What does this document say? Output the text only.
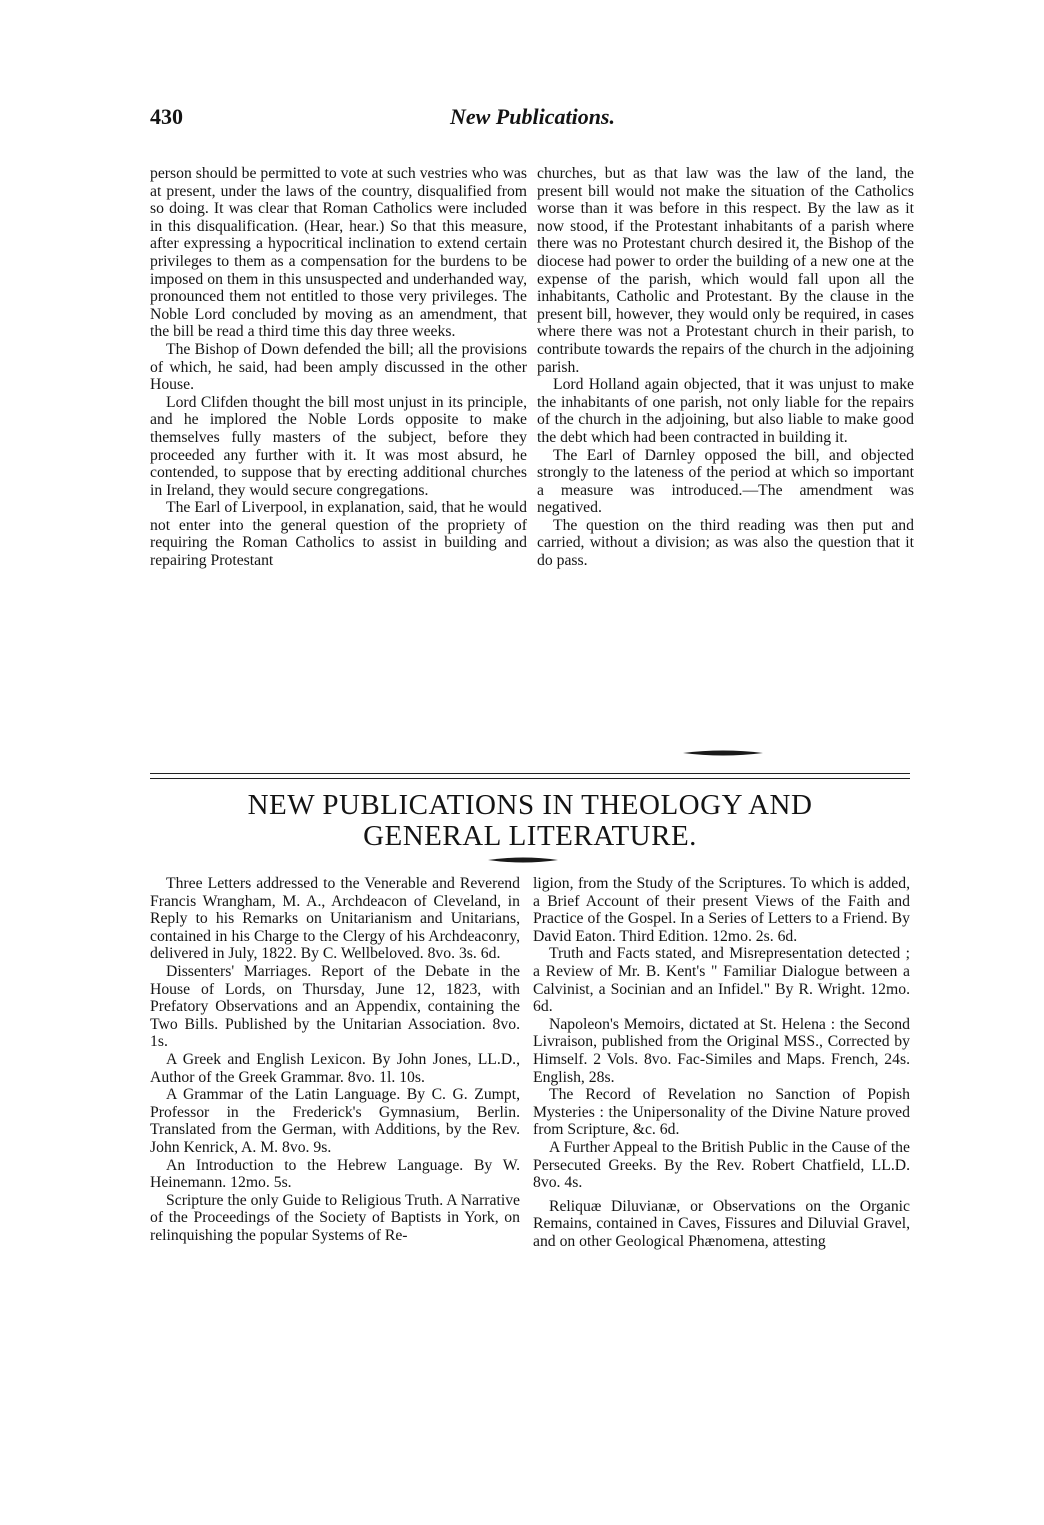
430	New Publications.

person should be permitted to vote at such vestries who was at present, under the laws of the country, disqualified from so doing. It was clear that Roman Catholics were included in this disqualification. (Hear, hear.) So that this measure, after expressing a hypocritical inclination to extend certain privileges to them as a compensation for the burdens to be imposed on them in this unsuspected and underhanded way, pronounced them not entitled to those very privileges. The Noble Lord concluded by moving as an amendment, that the bill be read a third time this day three weeks.

The Bishop of Down defended the bill; all the provisions of which, he said, had been amply discussed in the other House.

Lord Clifden thought the bill most unjust in its principle, and he implored the Noble Lords opposite to make themselves fully masters of the subject, before they proceeded any further with it. It was most absurd, he contended, to suppose that by erecting additional churches in Ireland, they would secure congregations.

The Earl of Liverpool, in explanation, said, that he would not enter into the general question of the propriety of requiring the Roman Catholics to assist in building and repairing Protestant

churches, but as that law was the law of the land, the present bill would not make the situation of the Catholics worse than it was before in this respect. By the law as it now stood, if the Protestant inhabitants of a parish where there was no Protestant church desired it, the Bishop of the diocese had power to order the building of a new one at the expense of the parish, which would fall upon all the inhabitants, Catholic and Protestant. By the clause in the present bill, however, they would only be required, in cases where there was not a Protestant church in their parish, to contribute towards the repairs of the church in the adjoining parish.

Lord Holland again objected, that it was unjust to make the inhabitants of one parish, not only liable for the repairs of the church in the adjoining, but also liable to make good the debt which had been contracted in building it.

The Earl of Darnley opposed the bill, and objected strongly to the lateness of the period at which so important a measure was introduced.—The amendment was negatived.

The question on the third reading was then put and carried, without a division; as was also the question that it do pass.

NEW PUBLICATIONS IN THEOLOGY AND
GENERAL LITERATURE.

Three Letters addressed to the Venerable and Reverend Francis Wrangham, M. A., Archdeacon of Cleveland, in Reply to his Remarks on Unitarianism and Unitarians, contained in his Charge to the Clergy of his Archdeaconry, delivered in July, 1822. By C. Wellbeloved. 8vo. 3s. 6d.

Dissenters' Marriages. Report of the Debate in the House of Lords, on Thursday, June 12, 1823, with Prefatory Observations and an Appendix, containing the Two Bills. Published by the Unitarian Association. 8vo. 1s.

A Greek and English Lexicon. By John Jones, LL.D., Author of the Greek Grammar. 8vo. 1l. 10s.

A Grammar of the Latin Language. By C. G. Zumpt, Professor in the Frederick's Gymnasium, Berlin. Translated from the German, with Additions, by the Rev. John Kenrick, A. M. 8vo. 9s.

An Introduction to the Hebrew Language. By W. Heinemann. 12mo. 5s.

Scripture the only Guide to Religious Truth. A Narrative of the Proceedings of the Society of Baptists in York, on relinquishing the popular Systems of Re-

ligion, from the Study of the Scriptures. To which is added, a Brief Account of their present Views of the Faith and Practice of the Gospel. In a Series of Letters to a Friend. By David Eaton. Third Edition. 12mo. 2s. 6d.

Truth and Facts stated, and Misrepresentation detected ; a Review of Mr. B. Kent's " Familiar Dialogue between a Calvinist, a Socinian and an Infidel." By R. Wright. 12mo. 6d.

Napoleon's Memoirs, dictated at St. Helena : the Second Livraison, published from the Original MSS., Corrected by Himself. 2 Vols. 8vo. Fac-Similes and Maps. French, 24s. English, 28s.

The Record of Revelation no Sanction of Popish Mysteries : the Unipersonality of the Divine Nature proved from Scripture, &c. 6d.

A Further Appeal to the British Public in the Cause of the Persecuted Greeks. By the Rev. Robert Chatfield, LL.D. 8vo. 4s.

Reliquæ Diluvianæ, or Observations on the Organic Remains, contained in Caves, Fissures and Diluvial Gravel, and on other Geological Phænomena, attesting
